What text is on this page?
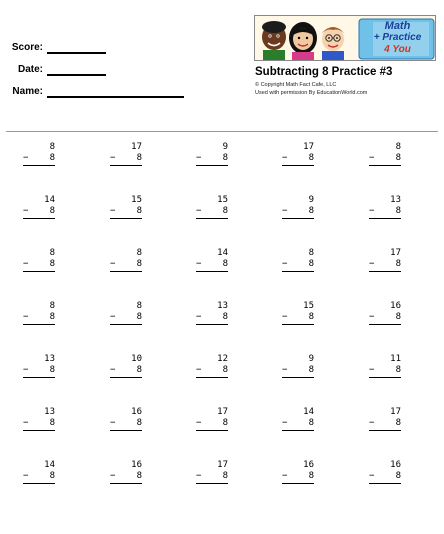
Score:
Date:
Name:
Math
+ Practice
4 You
Subtracting 8 Practice #3
© Copyright Math Fact Cafe, LLC
Used with permission By EducationWorld.com
8
− 8
17
− 8
9
− 8
17
− 8
8
− 8
14
− 8
15
− 8
15
− 8
9
− 8
13
− 8
8
− 8
8
− 8
14
− 8
8
− 8
17
− 8
8
− 8
8
− 8
13
− 8
15
− 8
16
− 8
13
− 8
10
− 8
12
− 8
9
− 8
11
− 8
13
− 8
16
− 8
17
− 8
14
− 8
17
− 8
14
− 8
16
− 8
17
− 8
16
− 8
16
− 8
